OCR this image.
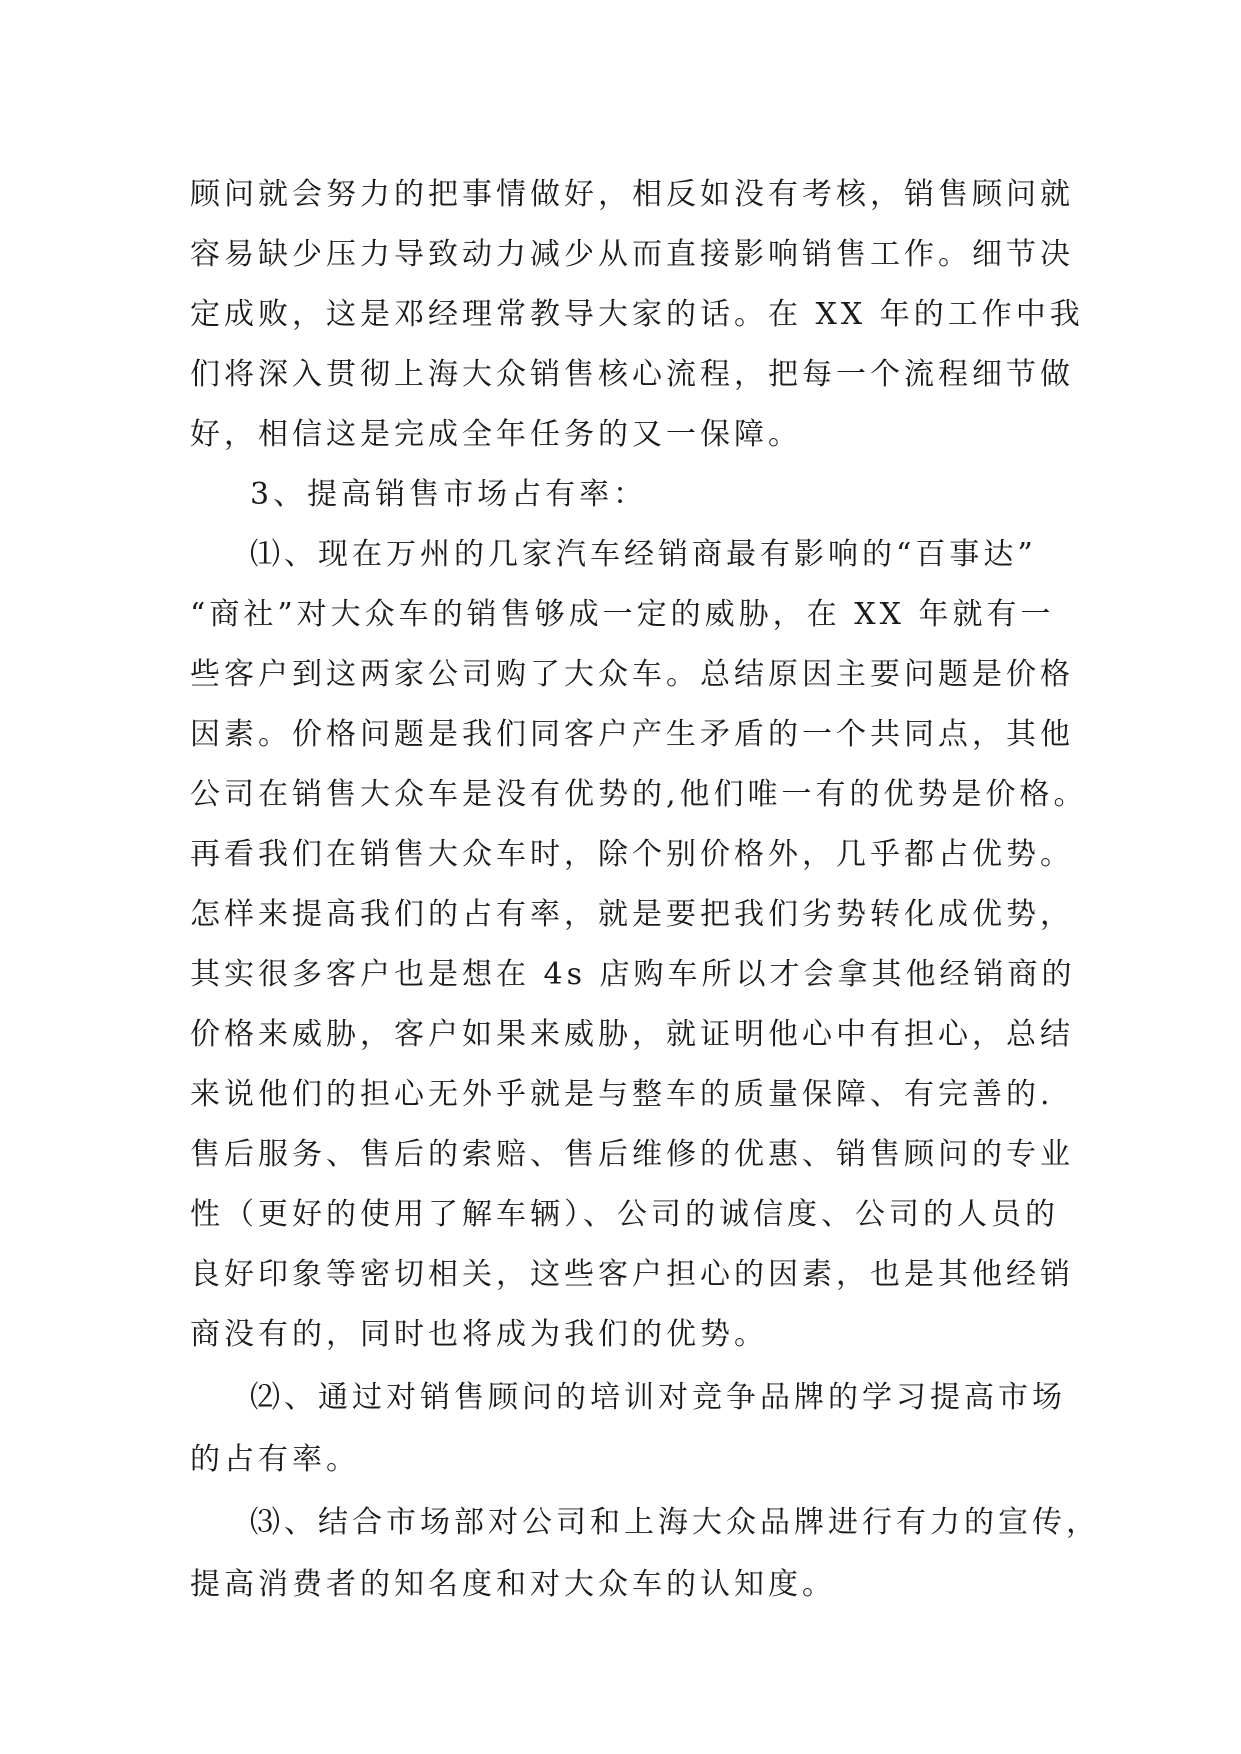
顾问就会努力的把事情做好，相反如没有考核，销售顾问就
容易缺少压力导致动力减少从而直接影响销售工作。细节决
定成败，这是邓经理常教导大家的话。在 XX 年的工作中我
们将深入贯彻上海大众销售核心流程，把每一个流程细节做
好，相信这是完成全年任务的又一保障。
3、提高销售市场占有率：
⑴、现在万州的几家汽车经销商最有影响的“百事达”
“商社”对大众车的销售够成一定的威胁，在 XX 年就有一
些客户到这两家公司购了大众车。总结原因主要问题是价格
因素。价格问题是我们同客户产生矛盾的一个共同点，其他
公司在销售大众车是没有优势的,他们唯一有的优势是价格。
再看我们在销售大众车时，除个别价格外，几乎都占优势。
怎样来提高我们的占有率，就是要把我们劣势转化成优势，
其实很多客户也是想在 4s 店购车所以才会拿其他经销商的
价格来威胁，客户如果来威胁，就证明他心中有担心，总结
来说他们的担心无外乎就是与整车的质量保障、有完善的.
售后服务、售后的索赔、售后维修的优惠、销售顾问的专业
性（更好的使用了解车辆）、公司的诚信度、公司的人员的
良好印象等密切相关，这些客户担心的因素，也是其他经销
商没有的，同时也将成为我们的优势。
⑵、通过对销售顾问的培训对竞争品牌的学习提高市场
的占有率。
⑶、结合市场部对公司和上海大众品牌进行有力的宣传，
提高消费者的知名度和对大众车的认知度。
